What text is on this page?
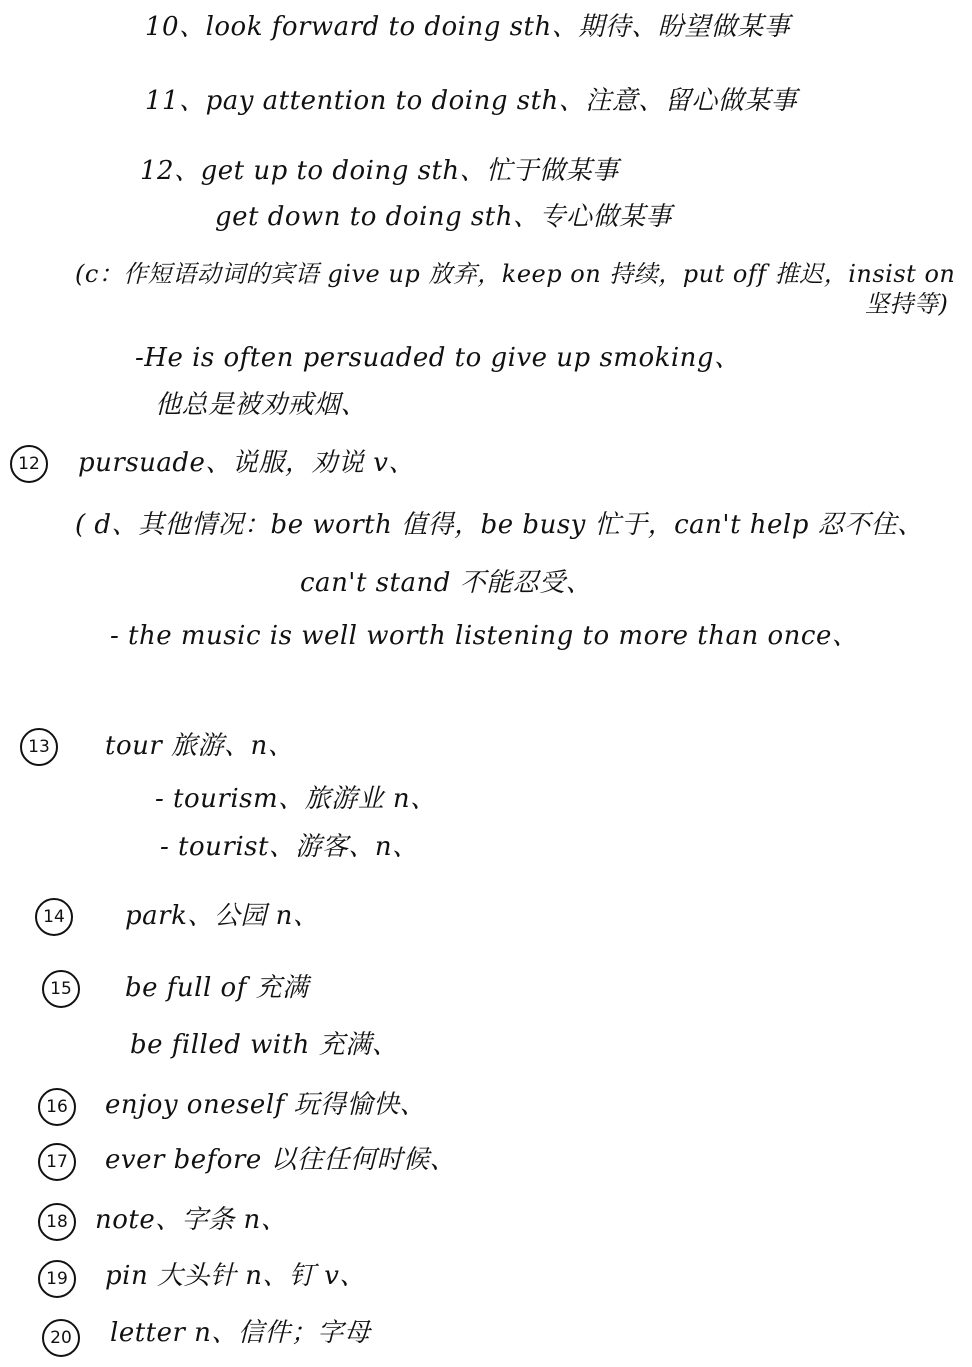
10、look forward to doing sth、期待、盼望做某事
11、pay attention to doing sth、注意、留心做某事
12、get up to doing sth、忙于做某事
get down to doing sth、专心做某事
(c：作短语动词的宾语 give up 放弃，keep on 持续，put off 推迟，insist on
坚持等)
-He is often persuaded to give up smoking、
他总是被劝戒烟、
12	pursuade、说服，劝说 v、
( d、其他情况：be worth 值得，be busy 忙于，can't help 忍不住、
can't stand 不能忍受、
- the music is well worth listening to more than once、
13	tour 旅游、n、
- tourism、旅游业 n、
- tourist、游客、n、
14	park、公园 n、
15	be full of 充满
be filled with 充满、
16	enjoy oneself 玩得愉快、
17	ever before 以往任何时候、
18	note、字条 n、
19	pin 大头针 n、钉 v、
20	letter n、信件；字母
